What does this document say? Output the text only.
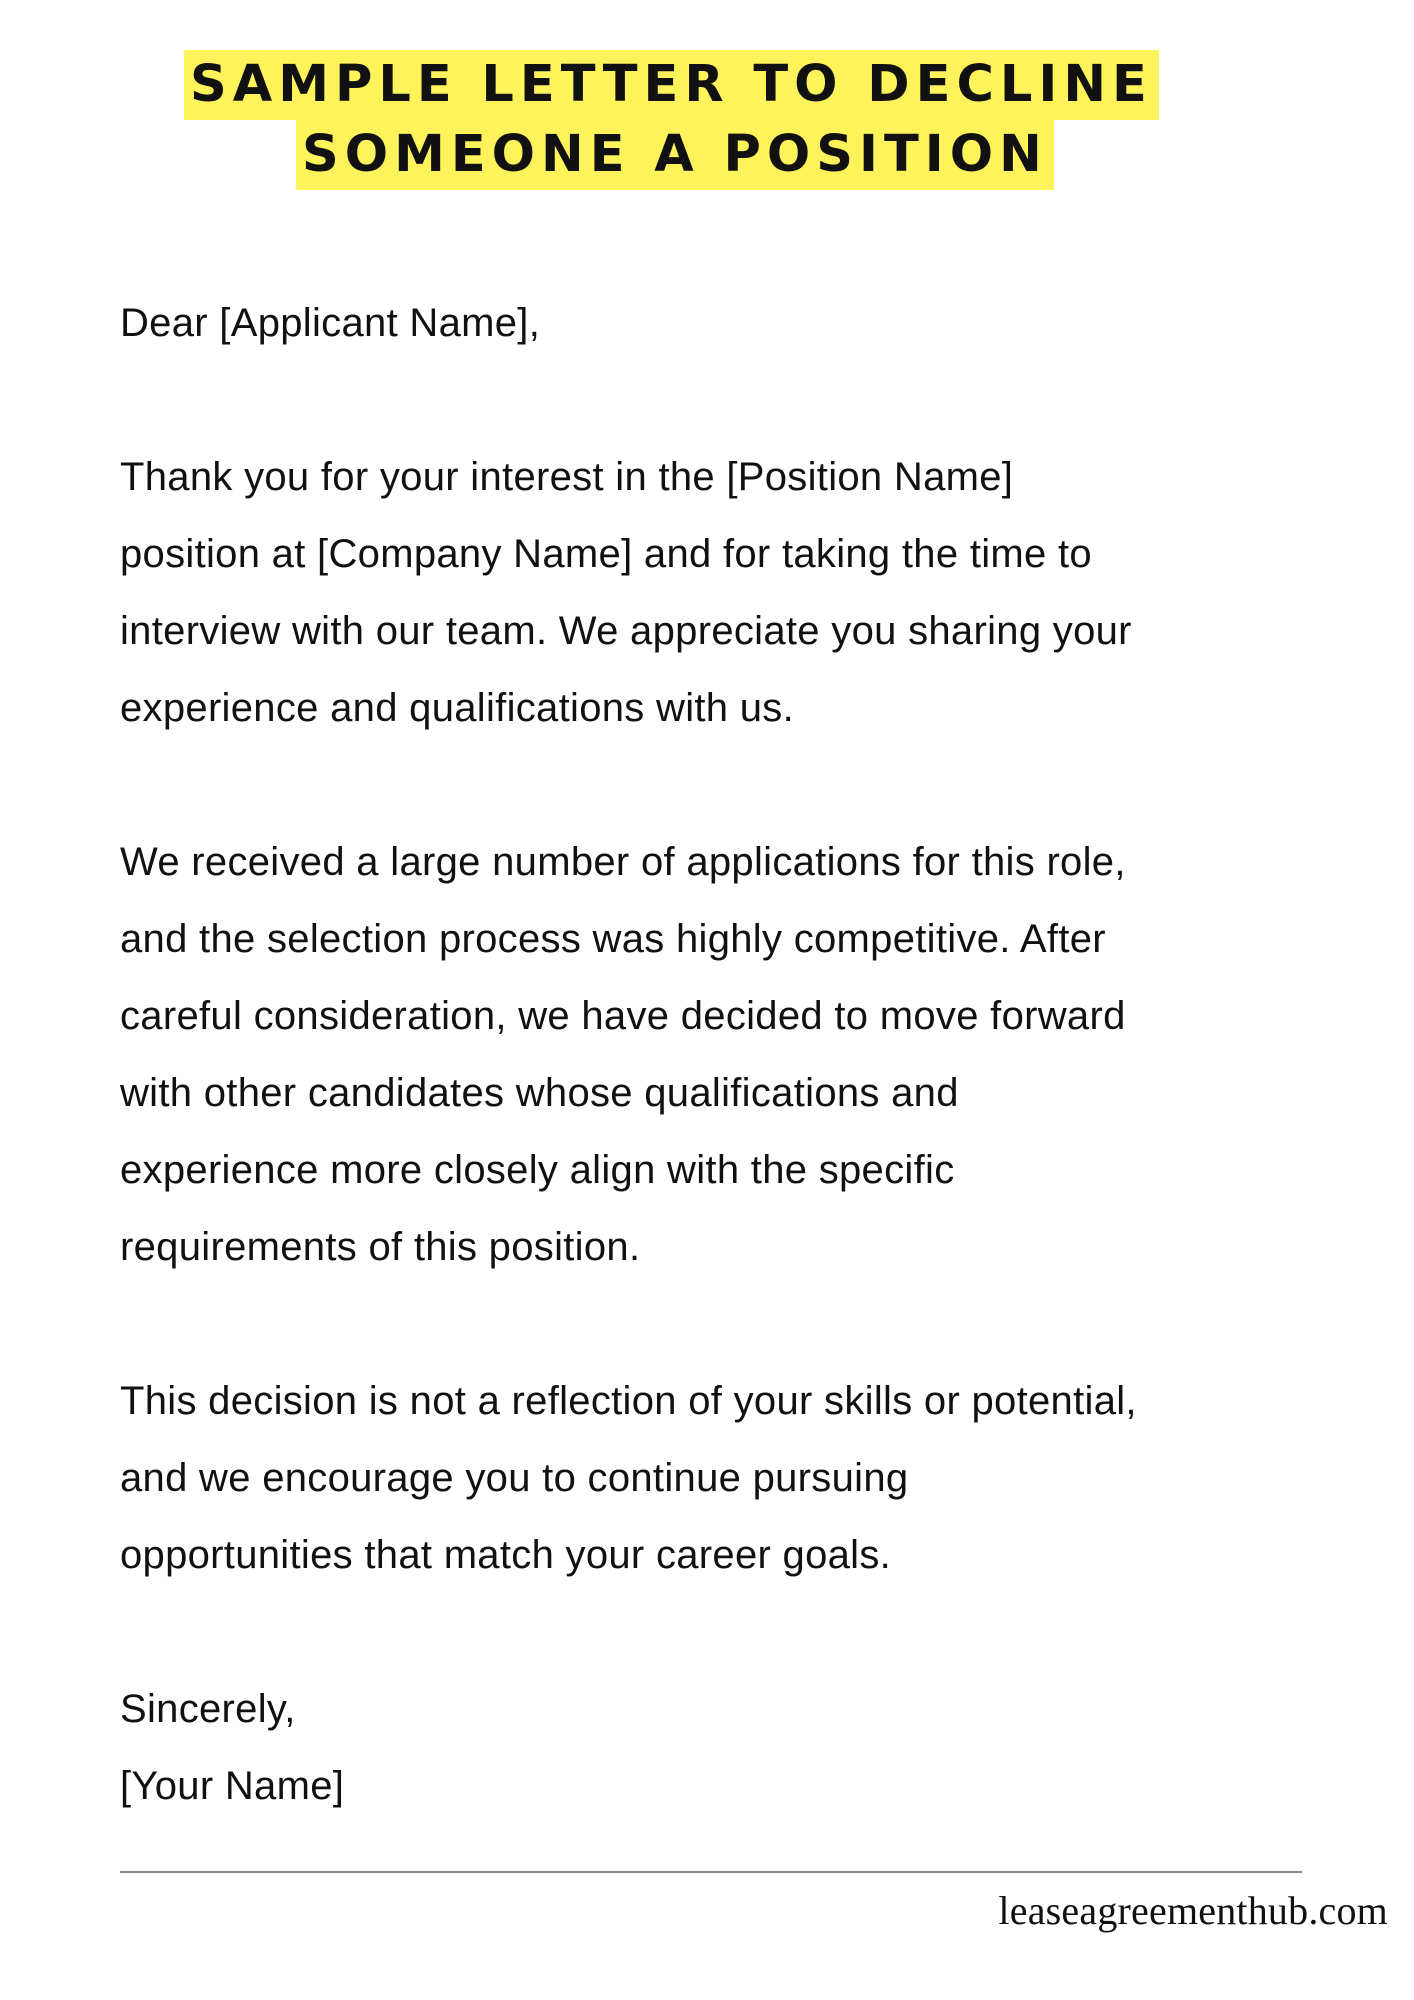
SAMPLE LETTER TO DECLINE
SOMEONE A POSITION

Dear [Applicant Name],

Thank you for your interest in the [Position Name]

position at [Company Name] and for taking the time to

interview with our team. We appreciate you sharing your

experience and qualifications with us.

We received a large number of applications for this role,

and the selection process was highly competitive. After

careful consideration, we have decided to move forward

with other candidates whose qualifications and

experience more closely align with the specific

requirements of this position.

This decision is not a reflection of your skills or potential,

and we encourage you to continue pursuing

opportunities that match your career goals.

Sincerely,

[Your Name]

leaseagreementhub.com
